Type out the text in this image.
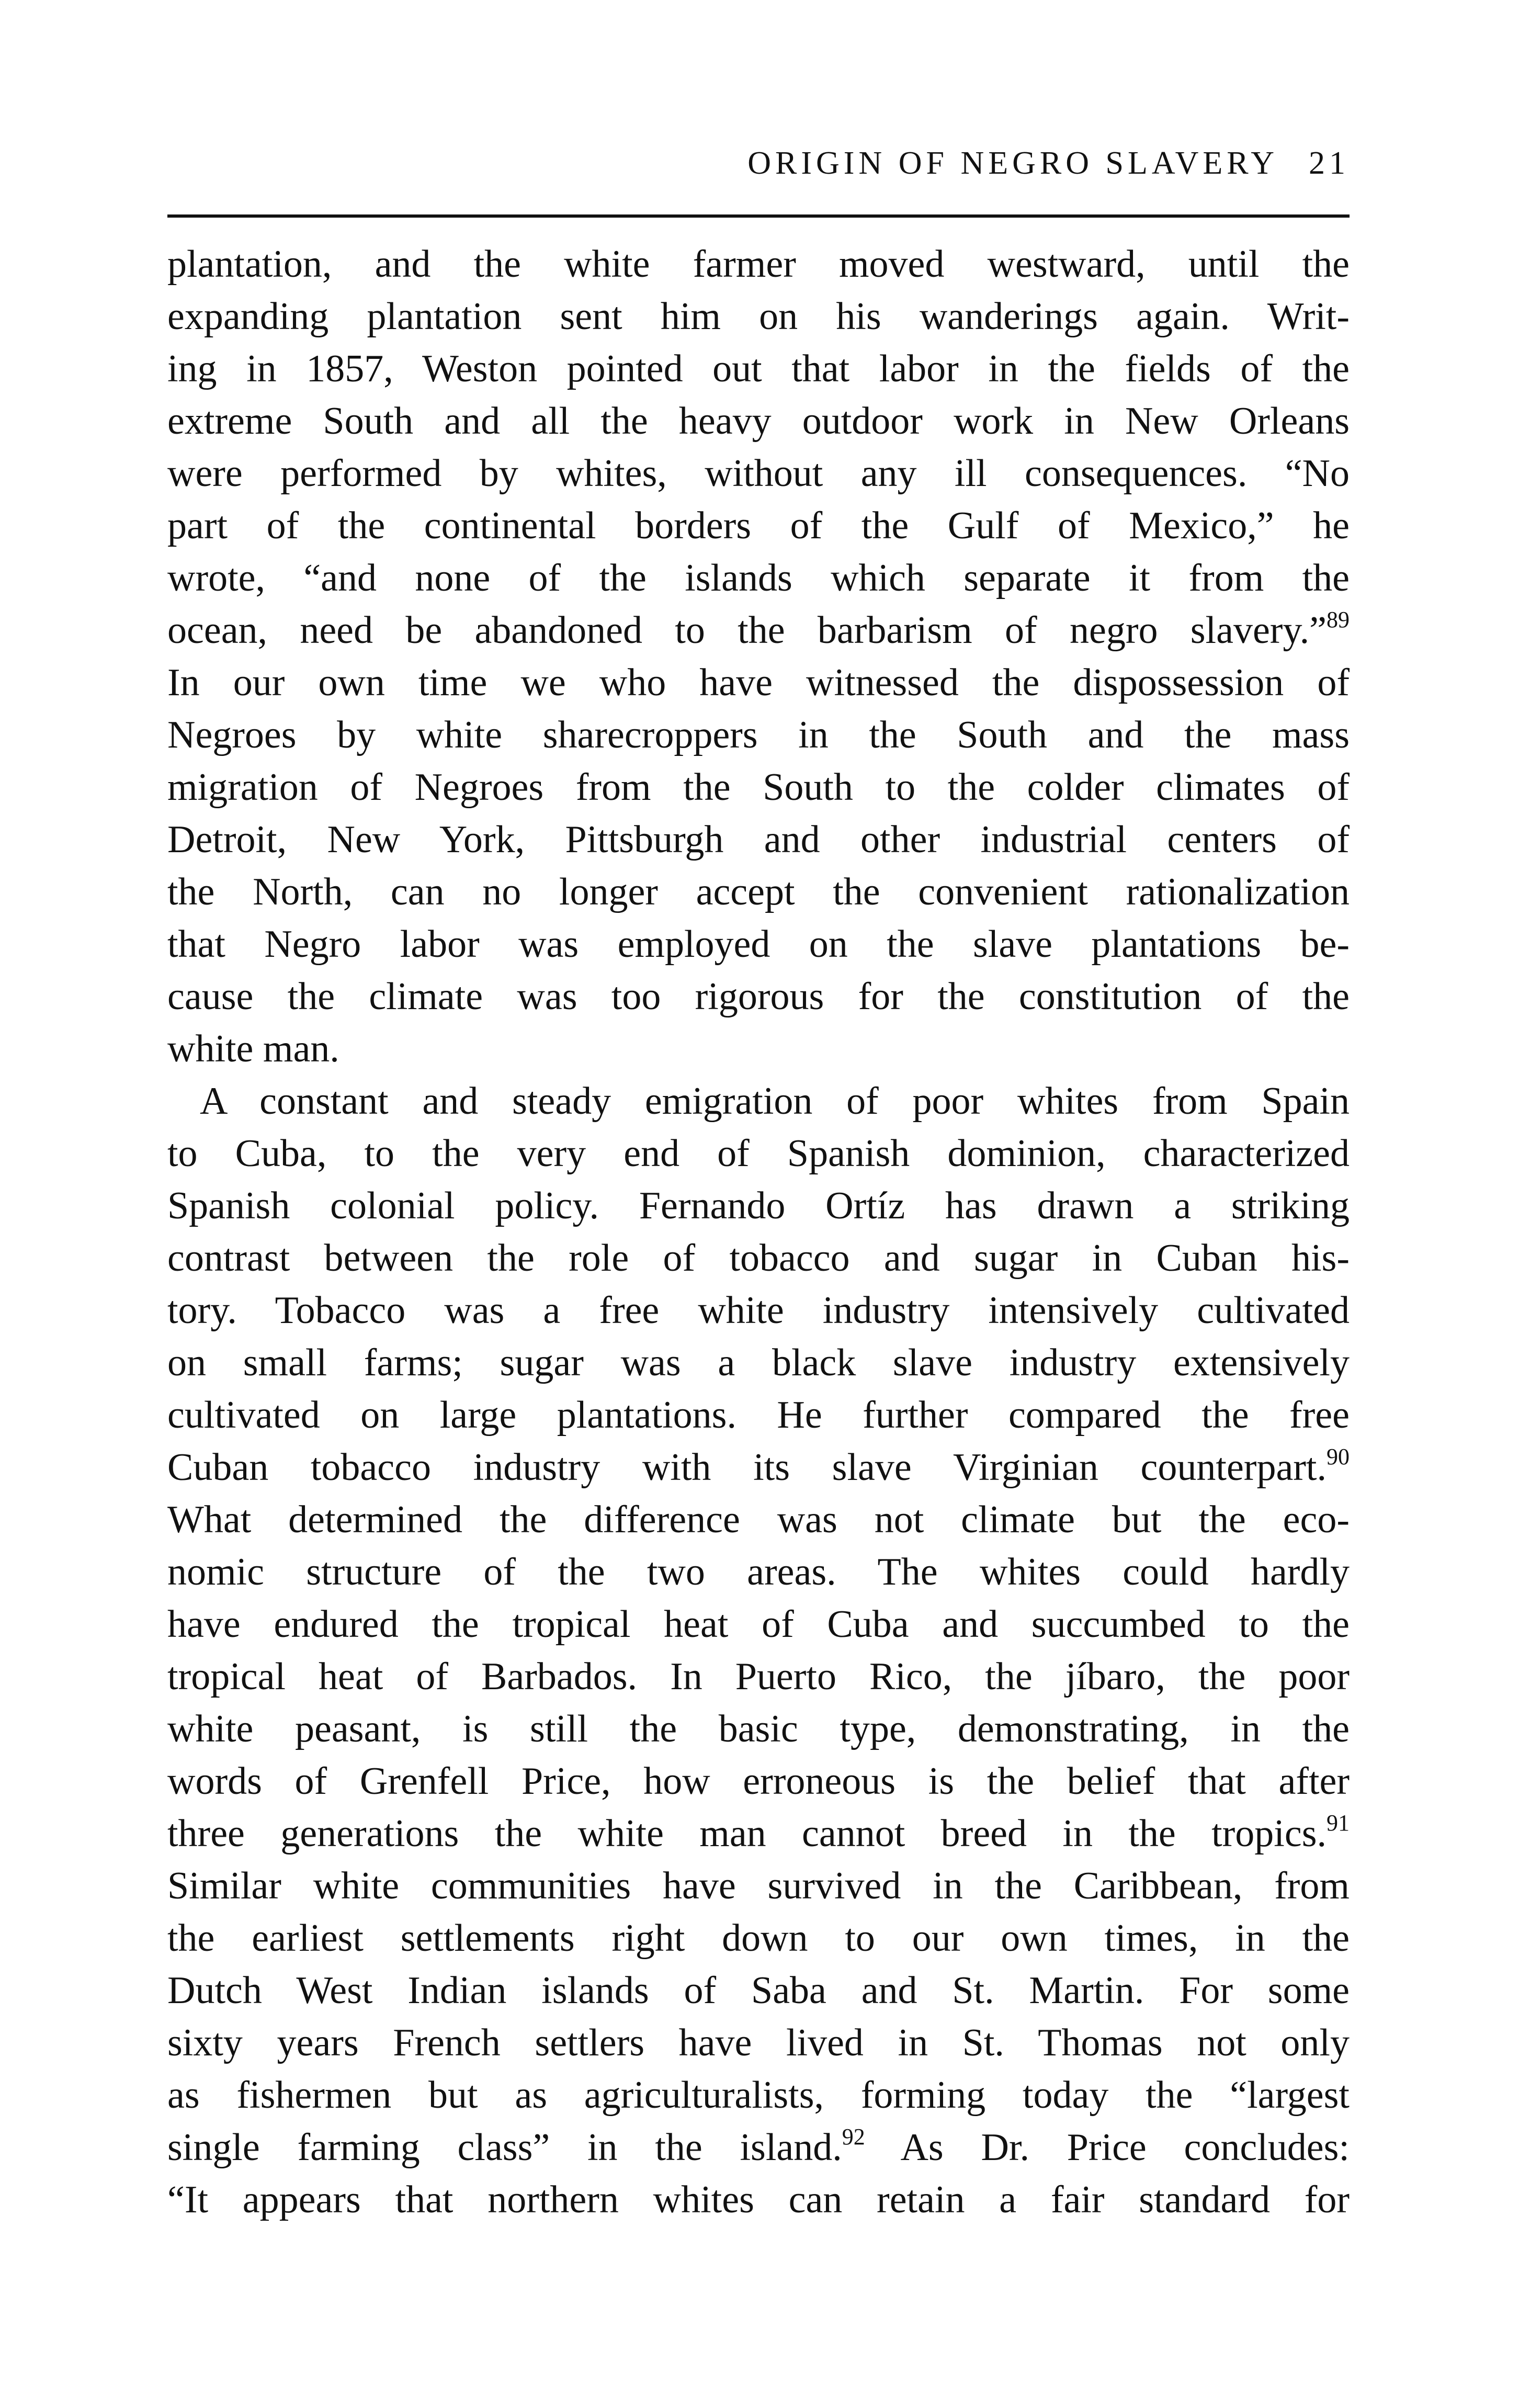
ORIGIN OF NEGRO SLAVERY 21
plantation, and the white farmer moved westward, until the
expanding plantation sent him on his wanderings again. Writ-
ing in 1857, Weston pointed out that labor in the fields of the
extreme South and all the heavy outdoor work in New Orleans
were performed by whites, without any ill consequences. “No
part of the continental borders of the Gulf of Mexico,” he
wrote, “and none of the islands which separate it from the
ocean, need be abandoned to the barbarism of negro slavery.”$^{89}$
In our own time we who have witnessed the dispossession of
Negroes by white sharecroppers in the South and the mass
migration of Negroes from the South to the colder climates of
Detroit, New York, Pittsburgh and other industrial centers of
the North, can no longer accept the convenient rationalization
that Negro labor was employed on the slave plantations be-
cause the climate was too rigorous for the constitution of the
white man.
A constant and steady emigration of poor whites from Spain
to Cuba, to the very end of Spanish dominion, characterized
Spanish colonial policy. Fernando Ortíz has drawn a striking
contrast between the role of tobacco and sugar in Cuban his-
tory. Tobacco was a free white industry intensively cultivated
on small farms; sugar was a black slave industry extensively
cultivated on large plantations. He further compared the free
Cuban tobacco industry with its slave Virginian counterpart.$^{90}$
What determined the difference was not climate but the eco-
nomic structure of the two areas. The whites could hardly
have endured the tropical heat of Cuba and succumbed to the
tropical heat of Barbados. In Puerto Rico, the jíbaro, the poor
white peasant, is still the basic type, demonstrating, in the
words of Grenfell Price, how erroneous is the belief that after
three generations the white man cannot breed in the tropics.$^{91}$
Similar white communities have survived in the Caribbean, from
the earliest settlements right down to our own times, in the
Dutch West Indian islands of Saba and St. Martin. For some
sixty years French settlers have lived in St. Thomas not only
as fishermen but as agriculturalists, forming today the “largest
single farming class” in the island.$^{92}$ As Dr. Price concludes:
“It appears that northern whites can retain a fair standard for
